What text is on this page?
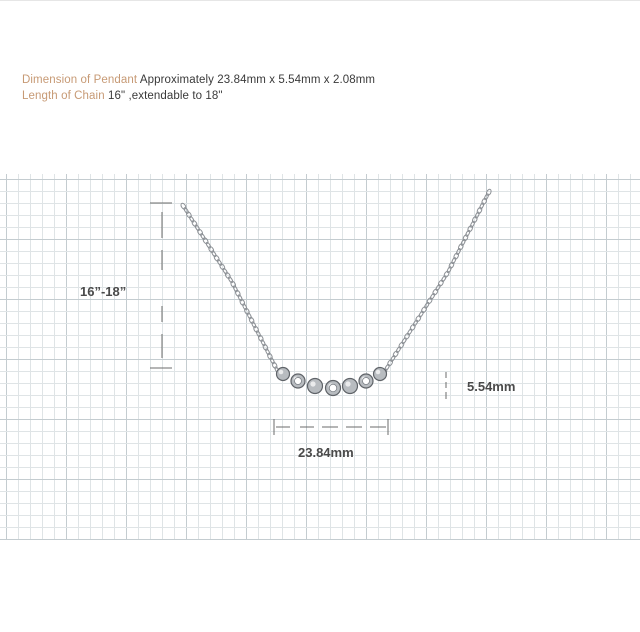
Dimension of Pendant Approximately 23.84mm x 5.54mm x 2.08mm
Length of Chain 16" ,extendable to 18"
16”-18”
5.54mm
23.84mm
